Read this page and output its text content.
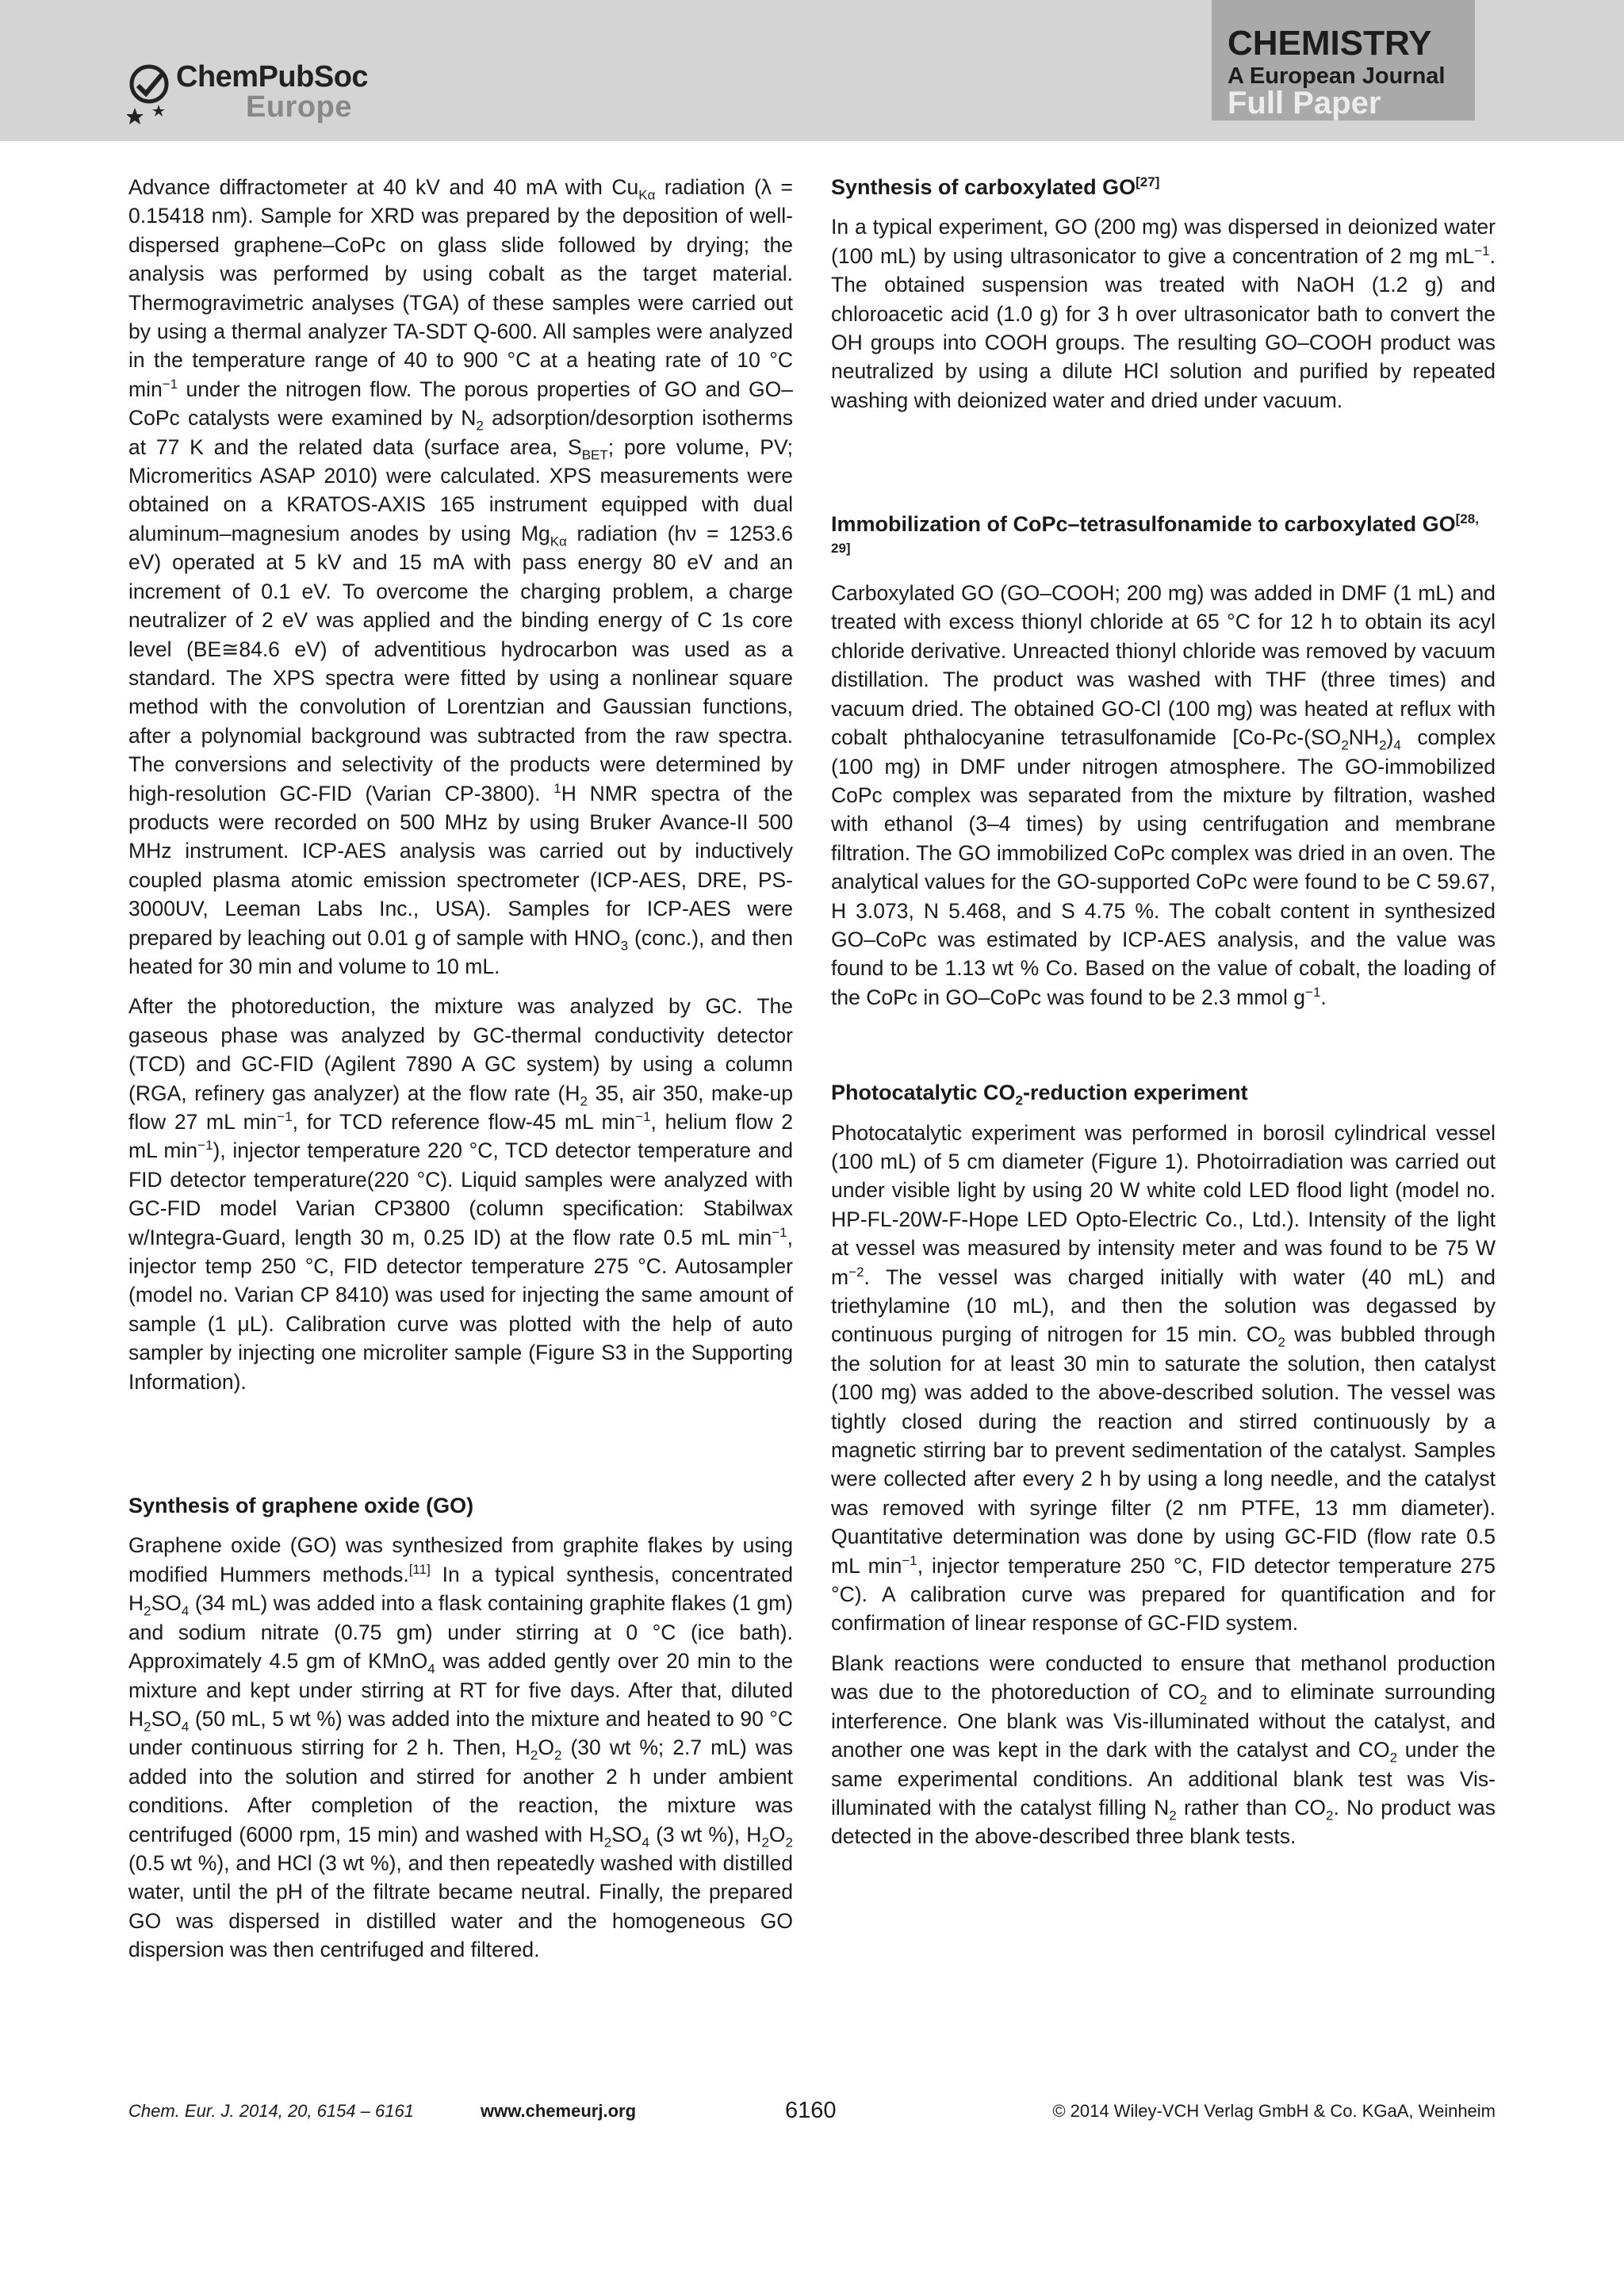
ChemPubSoc
Europe
CHEMISTRY
A European Journal
Full Paper

Advance diffractometer at 40 kV and 40 mA with $Cu_{K\alpha}$ radiation (λ = 0.15418 nm). Sample for XRD was prepared by the deposition of well-dispersed graphene–CoPc on glass slide followed by drying; the analysis was performed by using cobalt as the target material. Thermogravimetric analyses (TGA) of these samples were carried out by using a thermal analyzer TA-SDT Q-600. All samples were analyzed in the temperature range of 40 to 900 °C at a heating rate of 10 °C $\min^{-1}$ under the nitrogen flow. The porous properties of GO and GO–CoPc catalysts were examined by $N_2$ adsorption/desorption isotherms at 77 K and the related data (surface area, $S_{BET}$; pore volume, PV; Micromeritics ASAP 2010) were calculated. XPS measurements were obtained on a KRATOS-AXIS 165 instrument equipped with dual aluminum–magnesium anodes by using $Mg_{K\alpha}$ radiation (hν = 1253.6 eV) operated at 5 kV and 15 mA with pass energy 80 eV and an increment of 0.1 eV. To overcome the charging problem, a charge neutralizer of 2 eV was applied and the binding energy of C 1s core level (BE≅84.6 eV) of adventitious hydrocarbon was used as a standard. The XPS spectra were fitted by using a nonlinear square method with the convolution of Lorentzian and Gaussian functions, after a polynomial background was subtracted from the raw spectra. The conversions and selectivity of the products were determined by high-resolution GC-FID (Varian CP-3800). $^1$H NMR spectra of the products were recorded on 500 MHz by using Bruker Avance-II 500 MHz instrument. ICP-AES analysis was carried out by inductively coupled plasma atomic emission spectrometer (ICP-AES, DRE, PS-3000UV, Leeman Labs Inc., USA). Samples for ICP-AES were prepared by leaching out 0.01 g of sample with $HNO_3$ (conc.), and then heated for 30 min and volume to 10 mL.

After the photoreduction, the mixture was analyzed by GC. The gaseous phase was analyzed by GC-thermal conductivity detector (TCD) and GC-FID (Agilent 7890 A GC system) by using a column (RGA, refinery gas analyzer) at the flow rate ($H_2$ 35, air 350, make-up flow 27 mL $\min^{-1}$, for TCD reference flow-45 mL $\min^{-1}$, helium flow 2 mL $\min^{-1}$), injector temperature 220 °C, TCD detector temperature and FID detector temperature(220 °C). Liquid samples were analyzed with GC-FID model Varian CP3800 (column specification: Stabilwax w/Integra-Guard, length 30 m, 0.25 ID) at the flow rate 0.5 mL $\min^{-1}$, injector temp 250 °C, FID detector temperature 275 °C. Autosampler (model no. Varian CP 8410) was used for injecting the same amount of sample (1 μL). Calibration curve was plotted with the help of auto sampler by injecting one microliter sample (Figure S3 in the Supporting Information).

Synthesis of graphene oxide (GO)

Graphene oxide (GO) was synthesized from graphite flakes by using modified Hummers methods.[11] In a typical synthesis, concentrated $H_2SO_4$ (34 mL) was added into a flask containing graphite flakes (1 gm) and sodium nitrate (0.75 gm) under stirring at 0 °C (ice bath). Approximately 4.5 gm of KMnO$_4$ was added gently over 20 min to the mixture and kept under stirring at RT for five days. After that, diluted $H_2SO_4$ (50 mL, 5 wt %) was added into the mixture and heated to 90 °C under continuous stirring for 2 h. Then, $H_2O_2$ (30 wt %; 2.7 mL) was added into the solution and stirred for another 2 h under ambient conditions. After completion of the reaction, the mixture was centrifuged (6000 rpm, 15 min) and washed with $H_2SO_4$ (3 wt %), $H_2O_2$ (0.5 wt %), and HCl (3 wt %), and then repeatedly washed with distilled water, until the pH of the filtrate became neutral. Finally, the prepared GO was dispersed in distilled water and the homogeneous GO dispersion was then centrifuged and filtered.

Synthesis of carboxylated GO[27]

In a typical experiment, GO (200 mg) was dispersed in deionized water (100 mL) by using ultrasonicator to give a concentration of 2 mg $mL^{-1}$. The obtained suspension was treated with NaOH (1.2 g) and chloroacetic acid (1.0 g) for 3 h over ultrasonicator bath to convert the OH groups into COOH groups. The resulting GO–COOH product was neutralized by using a dilute HCl solution and purified by repeated washing with deionized water and dried under vacuum.

Immobilization of CoPc–tetrasulfonamide to carboxylated GO[28, 29]

Carboxylated GO (GO–COOH; 200 mg) was added in DMF (1 mL) and treated with excess thionyl chloride at 65 °C for 12 h to obtain its acyl chloride derivative. Unreacted thionyl chloride was removed by vacuum distillation. The product was washed with THF (three times) and vacuum dried. The obtained GO-Cl (100 mg) was heated at reflux with cobalt phthalocyanine tetrasulfonamide [$Co-Pc-(SO_2NH_2)_4$ complex (100 mg) in DMF under nitrogen atmosphere. The GO-immobilized CoPc complex was separated from the mixture by filtration, washed with ethanol (3–4 times) by using centrifugation and membrane filtration. The GO immobilized CoPc complex was dried in an oven. The analytical values for the GO-supported CoPc were found to be C 59.67, H 3.073, N 5.468, and S 4.75 %. The cobalt content in synthesized GO–CoPc was estimated by ICP-AES analysis, and the value was found to be 1.13 wt % Co. Based on the value of cobalt, the loading of the CoPc in GO–CoPc was found to be 2.3 mmol $g^{-1}$.

Photocatalytic $CO_2$-reduction experiment

Photocatalytic experiment was performed in borosil cylindrical vessel (100 mL) of 5 cm diameter (Figure 1). Photoirradiation was carried out under visible light by using 20 W white cold LED flood light (model no. HP-FL-20W-F-Hope LED Opto-Electric Co., Ltd.). Intensity of the light at vessel was measured by intensity meter and was found to be 75 W $m^{-2}$. The vessel was charged initially with water (40 mL) and triethylamine (10 mL), and then the solution was degassed by continuous purging of nitrogen for 15 min. $CO_2$ was bubbled through the solution for at least 30 min to saturate the solution, then catalyst (100 mg) was added to the above-described solution. The vessel was tightly closed during the reaction and stirred continuously by a magnetic stirring bar to prevent sedimentation of the catalyst. Samples were collected after every 2 h by using a long needle, and the catalyst was removed with syringe filter (2 nm PTFE, 13 mm diameter). Quantitative determination was done by using GC-FID (flow rate 0.5 mL $\min^{-1}$, injector temperature 250 °C, FID detector temperature 275 °C). A calibration curve was prepared for quantification and for confirmation of linear response of GC-FID system.

Blank reactions were conducted to ensure that methanol production was due to the photoreduction of $CO_2$ and to eliminate surrounding interference. One blank was Vis-illuminated without the catalyst, and another one was kept in the dark with the catalyst and $CO_2$ under the same experimental conditions. An additional blank test was Vis-illuminated with the catalyst filling $N_2$ rather than $CO_2$. No product was detected in the above-described three blank tests.

Chem. Eur. J. 2014, 20, 6154 – 6161	www.chemeurj.org	6160	© 2014 Wiley-VCH Verlag GmbH & Co. KGaA, Weinheim
